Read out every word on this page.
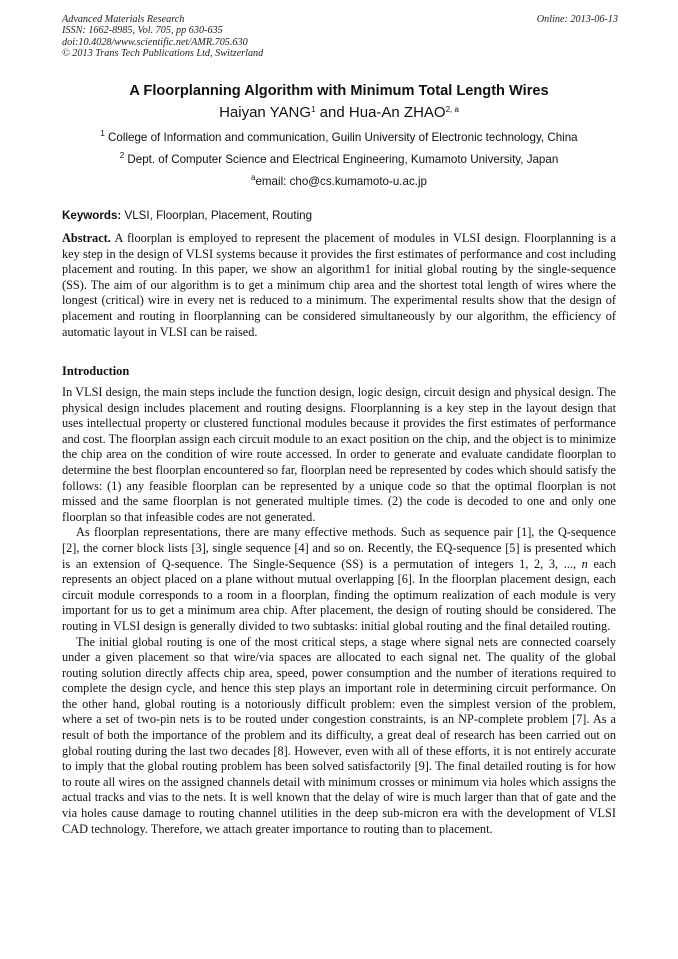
Advanced Materials Research
ISSN: 1662-8985, Vol. 705, pp 630-635
doi:10.4028/www.scientific.net/AMR.705.630
© 2013 Trans Tech Publications Ltd, Switzerland
Online: 2013-06-13
A Floorplanning Algorithm with Minimum Total Length Wires
Haiyan YANG$^1$ and Hua-An ZHAO$^{2, a}$
$^1$ College of Information and communication, Guilin University of Electronic technology, China
$^2$ Dept. of Computer Science and Electrical Engineering, Kumamoto University, Japan
$^a$email: cho@cs.kumamoto-u.ac.jp
Keywords: VLSI, Floorplan, Placement, Routing

Abstract. A floorplan is employed to represent the placement of modules in VLSI design. Floorplanning is a key step in the design of VLSI systems because it provides the first estimates of performance and cost including placement and routing. In this paper, we show an algorithm1 for initial global routing by the single-sequence (SS). The aim of our algorithm is to get a minimum chip area and the shortest total length of wires where the longest (critical) wire in every net is reduced to a minimum. The experimental results show that the design of placement and routing in floorplanning can be considered simultaneously by our algorithm, the efficiency of automatic layout in VLSI can be raised.

Introduction

In VLSI design, the main steps include the function design, logic design, circuit design and physical design. The physical design includes placement and routing designs. Floorplanning is a key step in the layout design that uses intellectual property or clustered functional modules because it provides the first estimates of performance and cost. The floorplan assign each circuit module to an exact position on the chip, and the object is to minimize the chip area on the condition of wire route accessed. In order to generate and evaluate candidate floorplan to determine the best floorplan encountered so far, floorplan need be represented by codes which should satisfy the follows: (1) any feasible floorplan can be represented by a unique code so that the optimal floorplan is not missed and the same floorplan is not generated multiple times. (2) the code is decoded to one and only one floorplan so that infeasible codes are not generated.

As floorplan representations, there are many effective methods. Such as sequence pair [1], the Q-sequence [2], the corner block lists [3], single sequence [4] and so on. Recently, the EQ-sequence [5] is presented which is an extension of Q-sequence. The Single-Sequence (SS) is a permutation of integers 1, 2, 3, ..., n each represents an object placed on a plane without mutual overlapping [6]. In the floorplan placement design, each circuit module corresponds to a room in a floorplan, finding the optimum realization of each module is very important for us to get a minimum area chip. After placement, the design of routing should be considered. The routing in VLSI design is generally divided to two subtasks: initial global routing and the final detailed routing.

The initial global routing is one of the most critical steps, a stage where signal nets are connected coarsely under a given placement so that wire/via spaces are allocated to each signal net. The quality of the global routing solution directly affects chip area, speed, power consumption and the number of iterations required to complete the design cycle, and hence this step plays an important role in determining circuit performance. On the other hand, global routing is a notoriously difficult problem: even the simplest version of the problem, where a set of two-pin nets is to be routed under congestion constraints, is an NP-complete problem [7]. As a result of both the importance of the problem and its difficulty, a great deal of research has been carried out on global routing during the last two decades [8]. However, even with all of these efforts, it is not entirely accurate to imply that the global routing problem has been solved satisfactorily [9]. The final detailed routing is for how to route all wires on the assigned channels detail with minimum crosses or minimum via holes which assigns the actual tracks and vias to the nets. It is well known that the delay of wire is much larger than that of gate and the via holes cause damage to routing channel utilities in the deep sub-micron era with the development of VLSI CAD technology. Therefore, we attach greater importance to routing than to placement.
